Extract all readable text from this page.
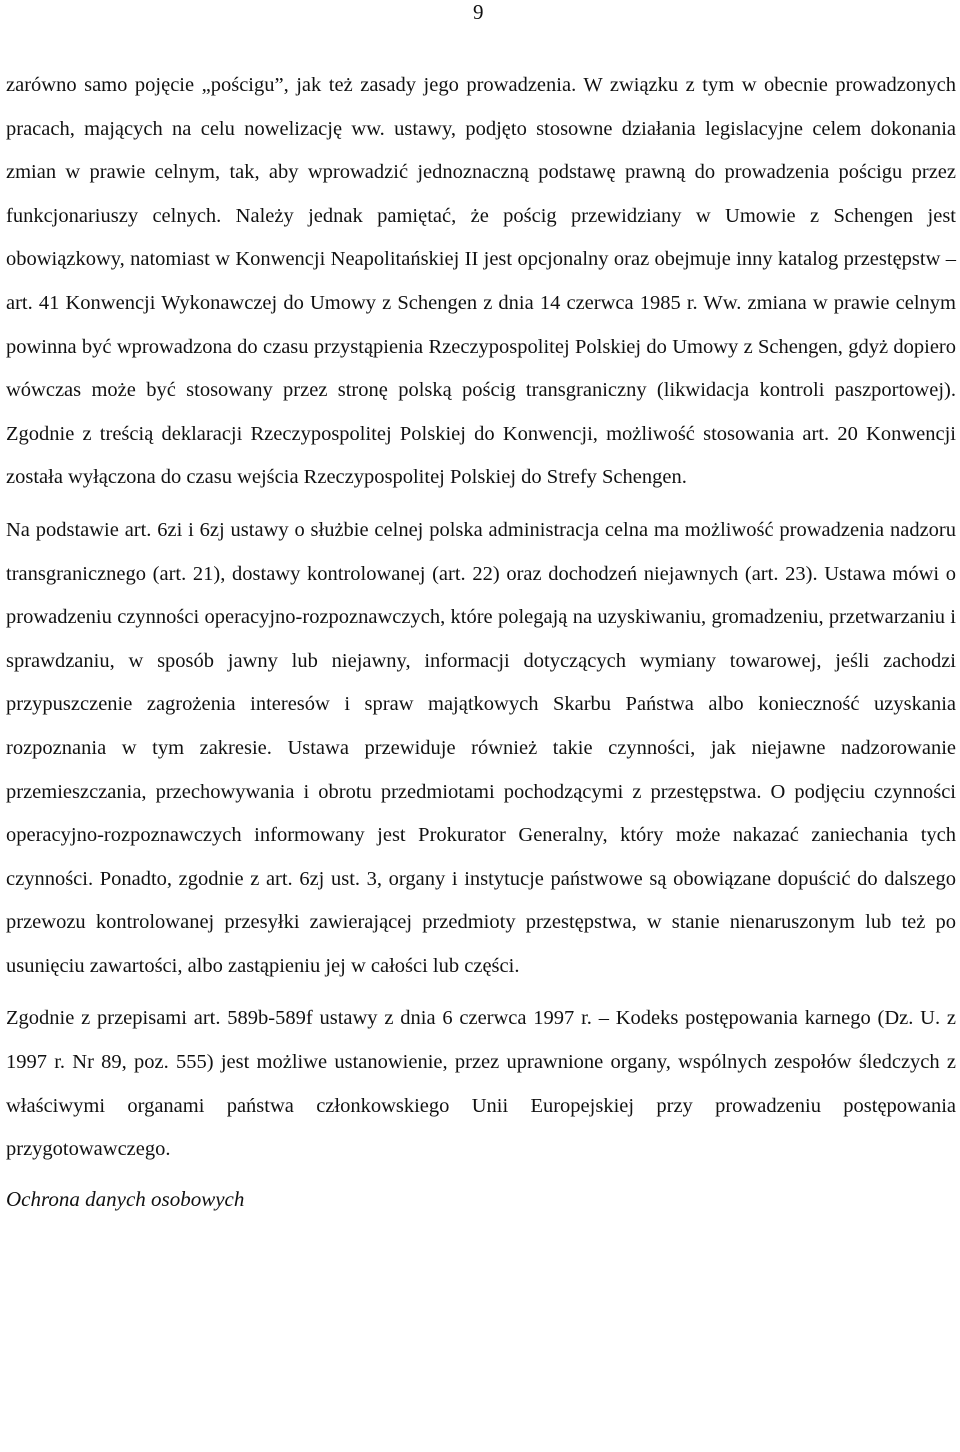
9

zarówno samo pojęcie „pościgu”, jak też zasady jego prowadzenia. W związku z tym w obecnie prowadzonych pracach, mających na celu nowelizację ww. ustawy, podjęto stosowne działania legislacyjne celem dokonania zmian w prawie celnym, tak, aby wprowadzić jednoznaczną podstawę prawną do prowadzenia pościgu przez funkcjonariuszy celnych. Należy jednak pamiętać, że pościg przewidziany w Umowie z Schengen jest obowiązkowy, natomiast w Konwencji Neapolitańskiej II jest opcjonalny oraz obejmuje inny katalog przestępstw – art. 41 Konwencji Wykonawczej do Umowy z Schengen z dnia 14 czerwca 1985 r. Ww. zmiana w prawie celnym powinna być wprowadzona do czasu przystąpienia Rzeczypospolitej Polskiej do Umowy z Schengen, gdyż dopiero wówczas może być stosowany przez stronę polską pościg transgraniczny (likwidacja kontroli paszportowej). Zgodnie z treścią deklaracji Rzeczypospolitej Polskiej do Konwencji, możliwość stosowania art. 20 Konwencji została wyłączona do czasu wejścia Rzeczypospolitej Polskiej do Strefy Schengen.

Na podstawie art. 6zi i 6zj ustawy o służbie celnej polska administracja celna ma możliwość prowadzenia nadzoru transgranicznego (art. 21), dostawy kontrolowanej (art. 22) oraz dochodzeń niejawnych (art. 23). Ustawa mówi o prowadzeniu czynności operacyjno-rozpoznawczych, które polegają na uzyskiwaniu, gromadzeniu, przetwarzaniu i sprawdzaniu, w sposób jawny lub niejawny, informacji dotyczących wymiany towarowej, jeśli zachodzi przypuszczenie zagrożenia interesów i spraw majątkowych Skarbu Państwa albo konieczność uzyskania rozpoznania w tym zakresie. Ustawa przewiduje również takie czynności, jak niejawne nadzorowanie przemieszczania, przechowywania i obrotu przedmiotami pochodzącymi z przestępstwa. O podjęciu czynności operacyjno-rozpoznawczych informowany jest Prokurator Generalny, który może nakazać zaniechania tych czynności. Ponadto, zgodnie z art. 6zj ust. 3, organy i instytucje państwowe są obowiązane dopuścić do dalszego przewozu kontrolowanej przesyłki zawierającej przedmioty przestępstwa, w stanie nienaruszonym lub też po usunięciu zawartości, albo zastąpieniu jej w całości lub części.

Zgodnie z przepisami art. 589b-589f ustawy z dnia 6 czerwca 1997 r. – Kodeks postępowania karnego (Dz. U. z 1997 r. Nr 89, poz. 555) jest możliwe ustanowienie, przez uprawnione organy, wspólnych zespołów śledczych z właściwymi organami państwa członkowskiego Unii Europejskiej przy prowadzeniu postępowania przygotowawczego.

Ochrona danych osobowych
